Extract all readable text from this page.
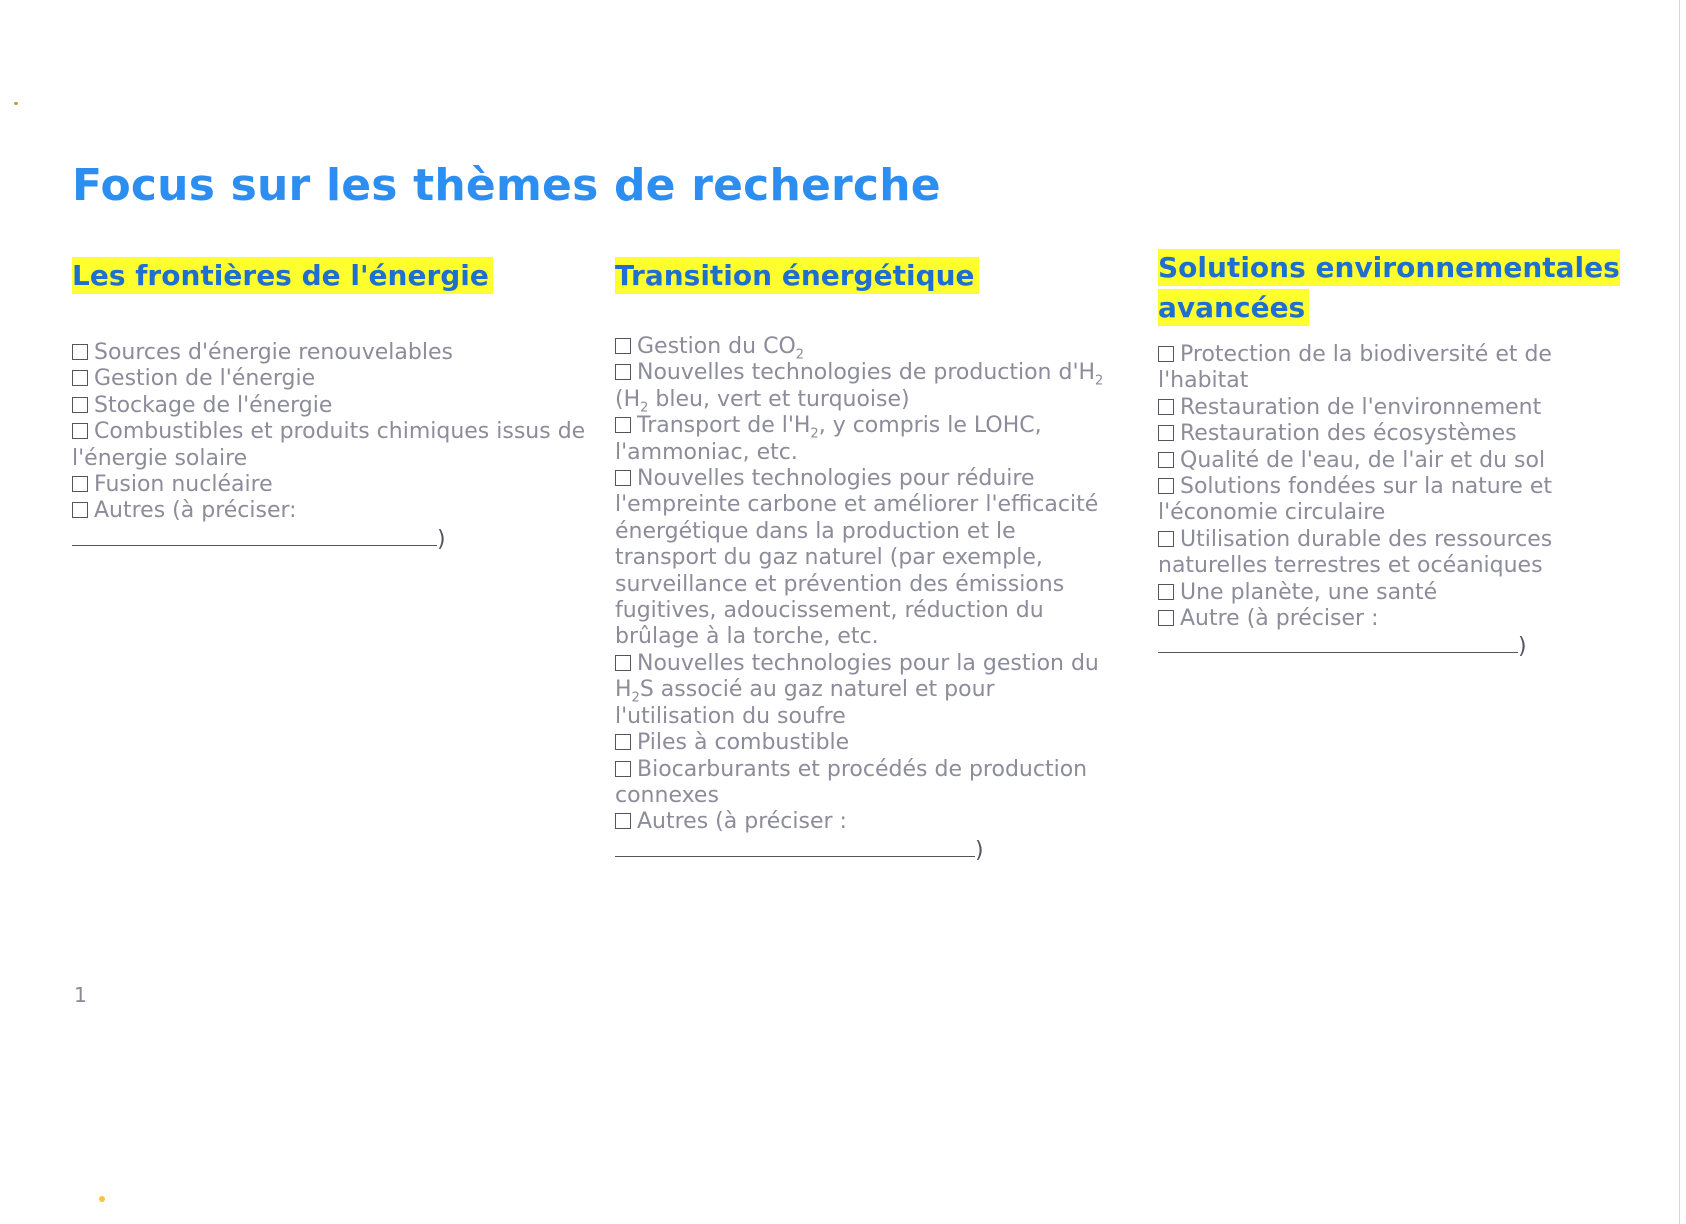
Focus sur les thèmes de recherche
Les frontières de l'énergie
Sources d'énergie renouvelables
Gestion de l'énergie
Stockage de l'énergie
Combustibles et produits chimiques issus de l'énergie solaire
Fusion nucléaire
Autres (à préciser:
)
Transition énergétique
Gestion du $CO_2$
Nouvelles technologies de production $d'H_2$ ($H_2$ bleu, vert et turquoise)
Transport de $l'H_2$, y compris le LOHC, l'ammoniac, etc.
Nouvelles technologies pour réduire l'empreinte carbone et améliorer l'efficacité énergétique dans la production et le transport du gaz naturel (par exemple, surveillance et prévention des émissions fugitives, adoucissement, réduction du brûlage à la torche, etc.
Nouvelles technologies pour la gestion du $H_2S$ associé au gaz naturel et pour l'utilisation du soufre
Piles à combustible
Biocarburants et procédés de production connexes
Autres (à préciser :
)
Solutions environnementales avancées
Protection de la biodiversité et de l'habitat
Restauration de l'environnement
Restauration des écosystèmes
Qualité de l'eau, de l'air et du sol
Solutions fondées sur la nature et l'économie circulaire
Utilisation durable des ressources naturelles terrestres et océaniques
Une planète, une santé
Autre (à préciser :
)
1
